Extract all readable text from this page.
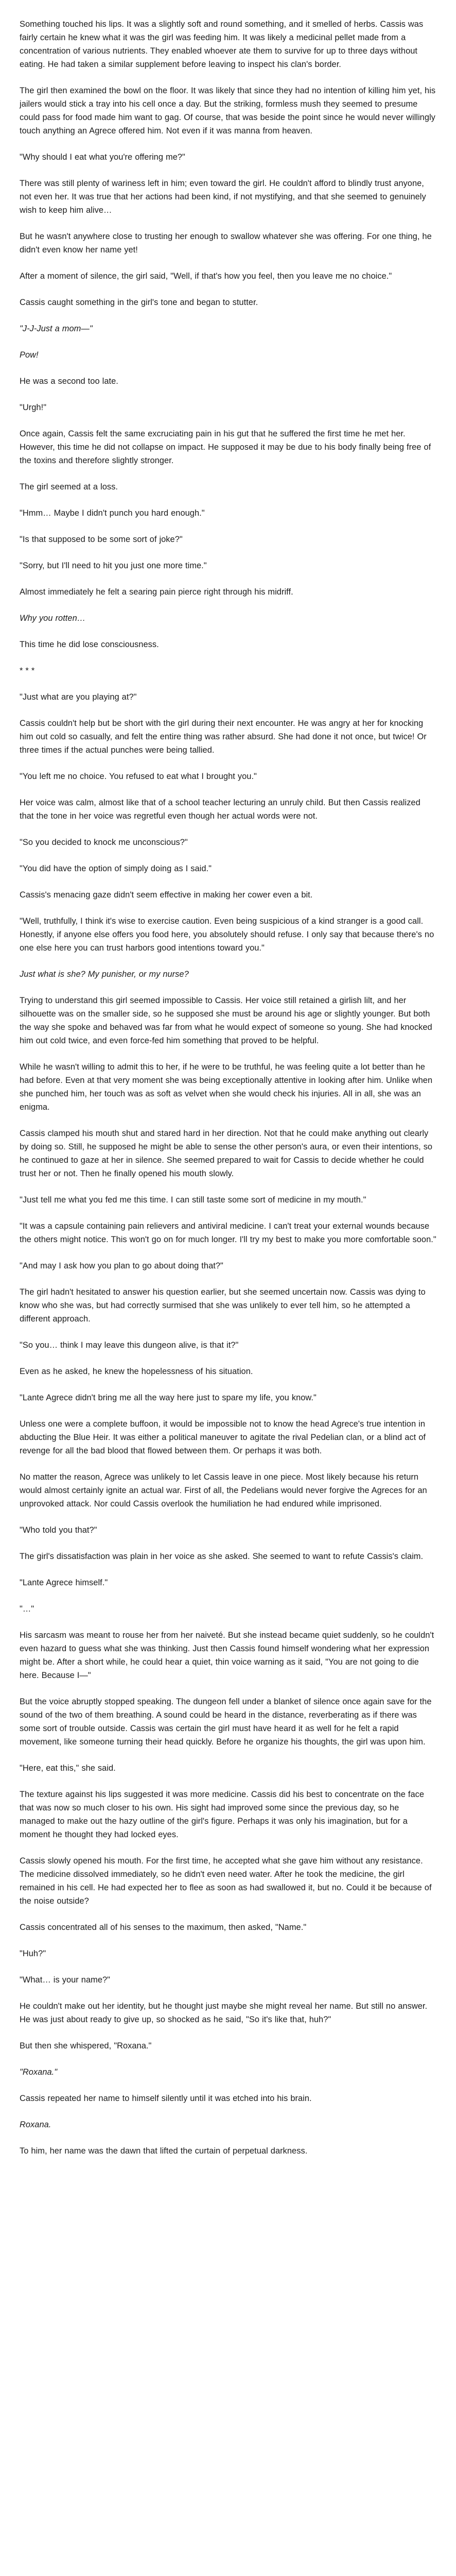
Something touched his lips. It was a slightly soft and round something, and it smelled of herbs. Cassis was fairly certain he knew what it was the girl was feeding him. It was likely a medicinal pellet made from a concentration of various nutrients. They enabled whoever ate them to survive for up to three days without eating. He had taken a similar supplement before leaving to inspect his clan's border.

The girl then examined the bowl on the floor. It was likely that since they had no intention of killing him yet, his jailers would stick a tray into his cell once a day. But the striking, formless mush they seemed to presume could pass for food made him want to gag. Of course, that was beside the point since he would never willingly touch anything an Agrece offered him. Not even if it was manna from heaven.

"Why should I eat what you're offering me?"

There was still plenty of wariness left in him; even toward the girl. He couldn't afford to blindly trust anyone, not even her. It was true that her actions had been kind, if not mystifying, and that she seemed to genuinely wish to keep him alive…

But he wasn't anywhere close to trusting her enough to swallow whatever she was offering. For one thing, he didn't even know her name yet!

After a moment of silence, the girl said, "Well, if that's how you feel, then you leave me no choice."

Cassis caught something in the girl's tone and began to stutter.

"J-J-Just a mom—"

Pow!

He was a second too late.

"Urgh!"

Once again, Cassis felt the same excruciating pain in his gut that he suffered the first time he met her. However, this time he did not collapse on impact. He supposed it may be due to his body finally being free of the toxins and therefore slightly stronger.

The girl seemed at a loss.

"Hmm… Maybe I didn't punch you hard enough."

"Is that supposed to be some sort of joke?"

"Sorry, but I'll need to hit you just one more time."

Almost immediately he felt a searing pain pierce right through his midriff.

Why you rotten…

This time he did lose consciousness.

* * *

"Just what are you playing at?"

Cassis couldn't help but be short with the girl during their next encounter. He was angry at her for knocking him out cold so casually, and felt the entire thing was rather absurd. She had done it not once, but twice! Or three times if the actual punches were being tallied.

"You left me no choice. You refused to eat what I brought you."

Her voice was calm, almost like that of a school teacher lecturing an unruly child. But then Cassis realized that the tone in her voice was regretful even though her actual words were not.

"So you decided to knock me unconscious?"

"You did have the option of simply doing as I said."

Cassis's menacing gaze didn't seem effective in making her cower even a bit.

"Well, truthfully, I think it's wise to exercise caution. Even being suspicious of a kind stranger is a good call. Honestly, if anyone else offers you food here, you absolutely should refuse. I only say that because there's no one else here you can trust harbors good intentions toward you."

Just what is she? My punisher, or my nurse?

Trying to understand this girl seemed impossible to Cassis. Her voice still retained a girlish lilt, and her silhouette was on the smaller side, so he supposed she must be around his age or slightly younger. But both the way she spoke and behaved was far from what he would expect of someone so young. She had knocked him out cold twice, and even force-fed him something that proved to be helpful.

While he wasn't willing to admit this to her, if he were to be truthful, he was feeling quite a lot better than he had before. Even at that very moment she was being exceptionally attentive in looking after him. Unlike when she punched him, her touch was as soft as velvet when she would check his injuries. All in all, she was an enigma.

Cassis clamped his mouth shut and stared hard in her direction. Not that he could make anything out clearly by doing so. Still, he supposed he might be able to sense the other person's aura, or even their intentions, so he continued to gaze at her in silence. She seemed prepared to wait for Cassis to decide whether he could trust her or not. Then he finally opened his mouth slowly.

"Just tell me what you fed me this time. I can still taste some sort of medicine in my mouth."

"It was a capsule containing pain relievers and antiviral medicine. I can't treat your external wounds because the others might notice. This won't go on for much longer. I'll try my best to make you more comfortable soon."

"And may I ask how you plan to go about doing that?"

The girl hadn't hesitated to answer his question earlier, but she seemed uncertain now. Cassis was dying to know who she was, but had correctly surmised that she was unlikely to ever tell him, so he attempted a different approach.

"So you… think I may leave this dungeon alive, is that it?"

Even as he asked, he knew the hopelessness of his situation.

"Lante Agrece didn't bring me all the way here just to spare my life, you know."

Unless one were a complete buffoon, it would be impossible not to know the head Agrece's true intention in abducting the Blue Heir. It was either a political maneuver to agitate the rival Pedelian clan, or a blind act of revenge for all the bad blood that flowed between them. Or perhaps it was both.

No matter the reason, Agrece was unlikely to let Cassis leave in one piece. Most likely because his return would almost certainly ignite an actual war. First of all, the Pedelians would never forgive the Agreces for an unprovoked attack. Nor could Cassis overlook the humiliation he had endured while imprisoned.

"Who told you that?"

The girl's dissatisfaction was plain in her voice as she asked. She seemed to want to refute Cassis's claim.

"Lante Agrece himself."

"…"

His sarcasm was meant to rouse her from her naiveté. But she instead became quiet suddenly, so he couldn't even hazard to guess what she was thinking. Just then Cassis found himself wondering what her expression might be. After a short while, he could hear a quiet, thin voice warning as it said, "You are not going to die here. Because I—"

But the voice abruptly stopped speaking. The dungeon fell under a blanket of silence once again save for the sound of the two of them breathing. A sound could be heard in the distance, reverberating as if there was some sort of trouble outside. Cassis was certain the girl must have heard it as well for he felt a rapid movement, like someone turning their head quickly. Before he organize his thoughts, the girl was upon him.

"Here, eat this," she said.

The texture against his lips suggested it was more medicine. Cassis did his best to concentrate on the face that was now so much closer to his own. His sight had improved some since the previous day, so he managed to make out the hazy outline of the girl's figure. Perhaps it was only his imagination, but for a moment he thought they had locked eyes.

Cassis slowly opened his mouth. For the first time, he accepted what she gave him without any resistance. The medicine dissolved immediately, so he didn't even need water. After he took the medicine, the girl remained in his cell. He had expected her to flee as soon as had swallowed it, but no. Could it be because of the noise outside?

Cassis concentrated all of his senses to the maximum, then asked, "Name."

"Huh?"

"What… is your name?"

He couldn't make out her identity, but he thought just maybe she might reveal her name. But still no answer. He was just about ready to give up, so shocked as he said, "So it's like that, huh?"

But then she whispered, "Roxana."

"Roxana."

Cassis repeated her name to himself silently until it was etched into his brain.

Roxana.

To him, her name was the dawn that lifted the curtain of perpetual darkness.
